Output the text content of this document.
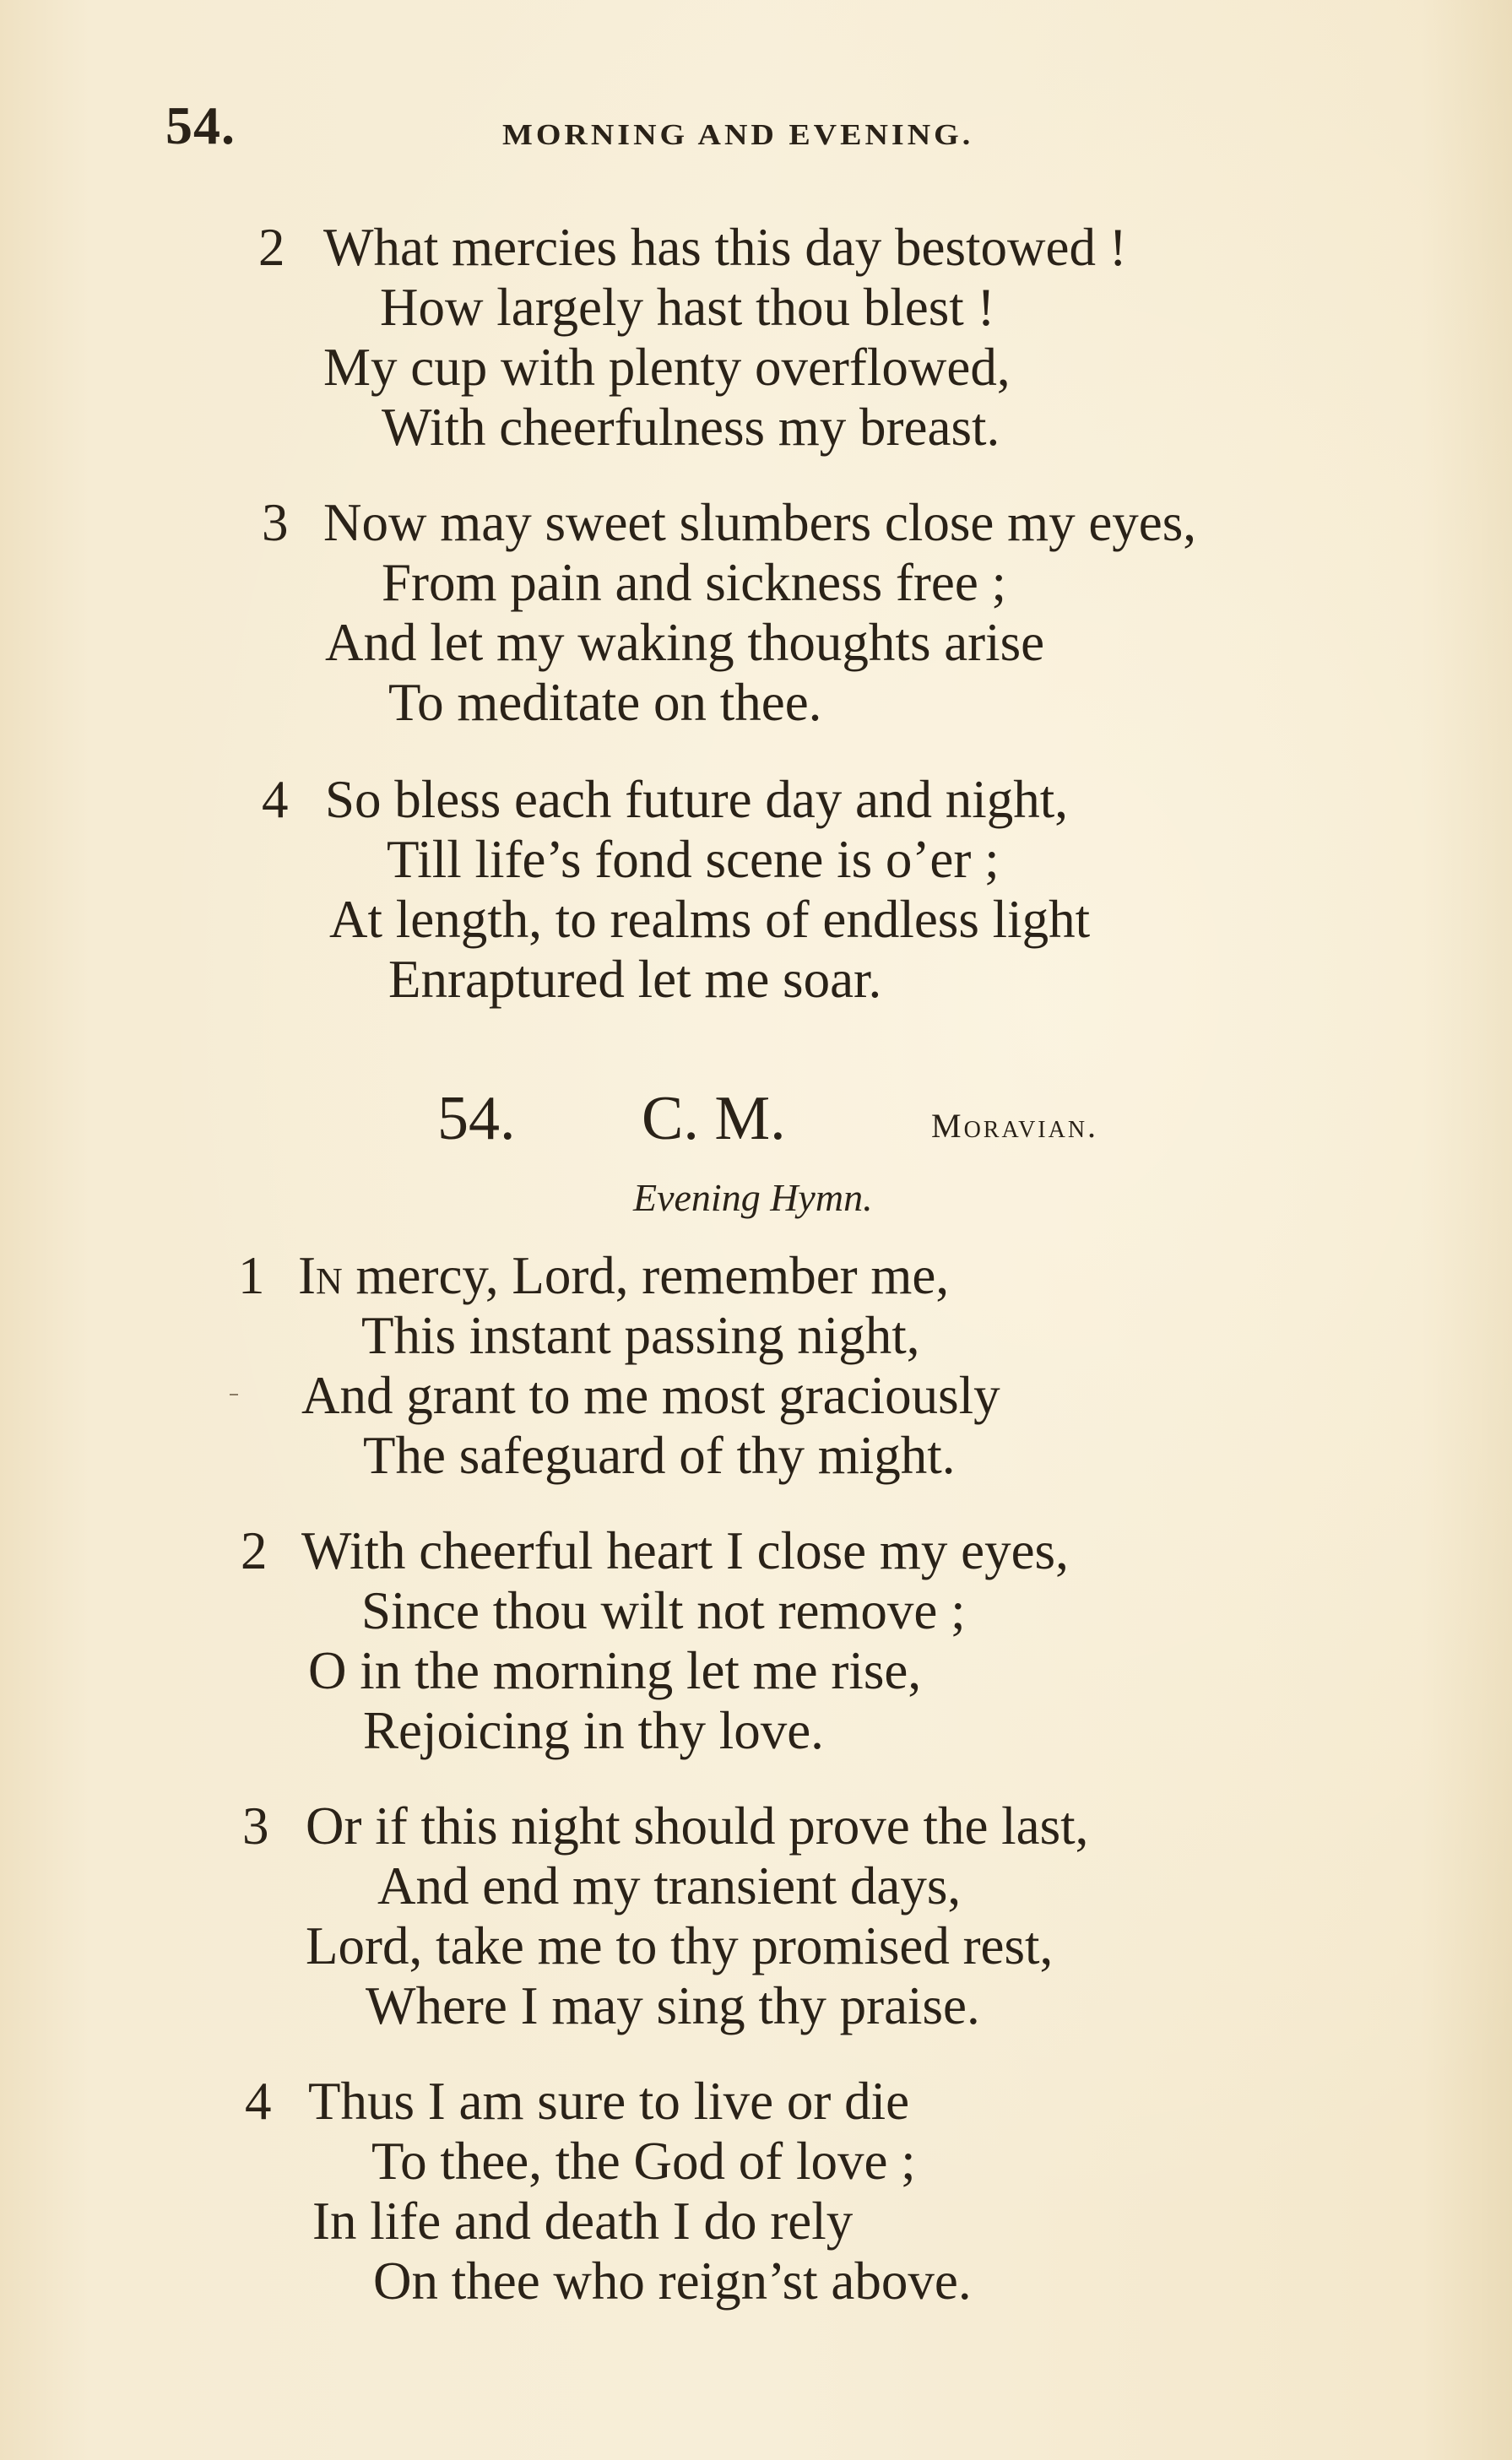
54.	MORNING AND EVENING.
2 What mercies has this day bestowed !
How largely hast thou blest !
My cup with plenty overflowed,
With cheerfulness my breast.
3 Now may sweet slumbers close my eyes,
From pain and sickness free ;
And let my waking thoughts arise
To meditate on thee.
4 So bless each future day and night,
Till life’s fond scene is o’er ;
At length, to realms of endless light
Enraptured let me soar.
54. C. M.	Moravian.
Evening Hymn.
1 In mercy, Lord, remember me,
This instant passing night,
And grant to me most graciously
The safeguard of thy might.
2 With cheerful heart I close my eyes,
Since thou wilt not remove ;
O in the morning let me rise,
Rejoicing in thy love.
3 Or if this night should prove the last,
And end my transient days,
Lord, take me to thy promised rest,
Where I may sing thy praise.
4 Thus I am sure to live or die
To thee, the God of love ;
In life and death I do rely
On thee who reign’st above.
